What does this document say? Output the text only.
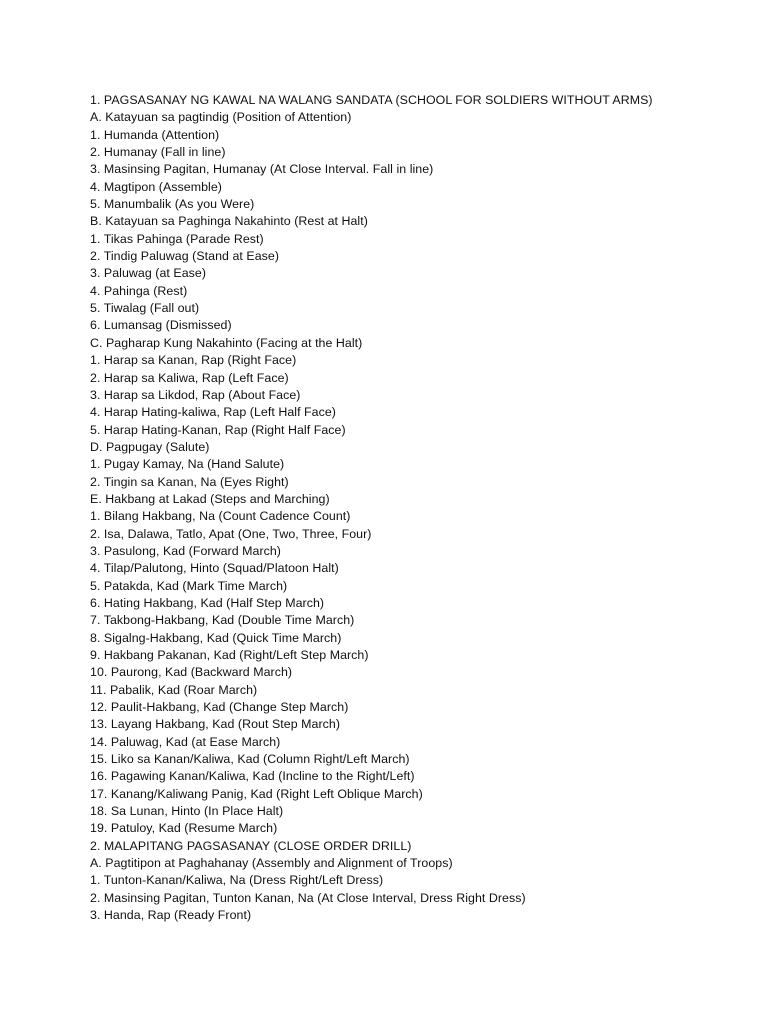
1. PAGSASANAY NG KAWAL NA WALANG SANDATA (SCHOOL FOR SOLDIERS WITHOUT ARMS)
A. Katayuan sa pagtindig (Position of Attention)
1. Humanda (Attention)
2. Humanay (Fall in line)
3. Masinsing Pagitan, Humanay (At Close Interval. Fall in line)
4. Magtipon (Assemble)
5. Manumbalik (As you Were)
B. Katayuan sa Paghinga Nakahinto (Rest at Halt)
1. Tikas Pahinga (Parade Rest)
2. Tindig Paluwag (Stand at Ease)
3. Paluwag (at Ease)
4. Pahinga (Rest)
5. Tiwalag (Fall out)
6. Lumansag (Dismissed)
C. Pagharap Kung Nakahinto (Facing at the Halt)
1. Harap sa Kanan, Rap (Right Face)
2. Harap sa Kaliwa, Rap (Left Face)
3. Harap sa Likdod, Rap (About Face)
4. Harap Hating-kaliwa, Rap (Left Half Face)
5. Harap Hating-Kanan, Rap (Right Half Face)
D. Pagpugay (Salute)
1. Pugay Kamay, Na (Hand Salute)
2. Tingin sa Kanan, Na (Eyes Right)
E. Hakbang at Lakad (Steps and Marching)
1. Bilang Hakbang, Na (Count Cadence Count)
2. Isa, Dalawa, Tatlo, Apat (One, Two, Three, Four)
3. Pasulong, Kad (Forward March)
4. Tilap/Palutong, Hinto (Squad/Platoon Halt)
5. Patakda, Kad (Mark Time March)
6. Hating Hakbang, Kad (Half Step March)
7. Takbong-Hakbang, Kad (Double Time March)
8. Sigalng-Hakbang, Kad (Quick Time March)
9. Hakbang Pakanan, Kad (Right/Left Step March)
10. Paurong, Kad (Backward March)
11. Pabalik, Kad (Roar March)
12. Paulit-Hakbang, Kad (Change Step March)
13. Layang Hakbang, Kad (Rout Step March)
14. Paluwag, Kad (at Ease March)
15. Liko sa Kanan/Kaliwa, Kad (Column Right/Left March)
16. Pagawing Kanan/Kaliwa, Kad (Incline to the Right/Left)
17. Kanang/Kaliwang Panig, Kad (Right Left Oblique March)
18. Sa Lunan, Hinto (In Place Halt)
19. Patuloy, Kad (Resume March)
2. MALAPITANG PAGSASANAY (CLOSE ORDER DRILL)
A. Pagtitipon at Paghahanay (Assembly and Alignment of Troops)
1. Tunton-Kanan/Kaliwa, Na (Dress Right/Left Dress)
2. Masinsing Pagitan, Tunton Kanan, Na (At Close Interval, Dress Right Dress)
3. Handa, Rap (Ready Front)
